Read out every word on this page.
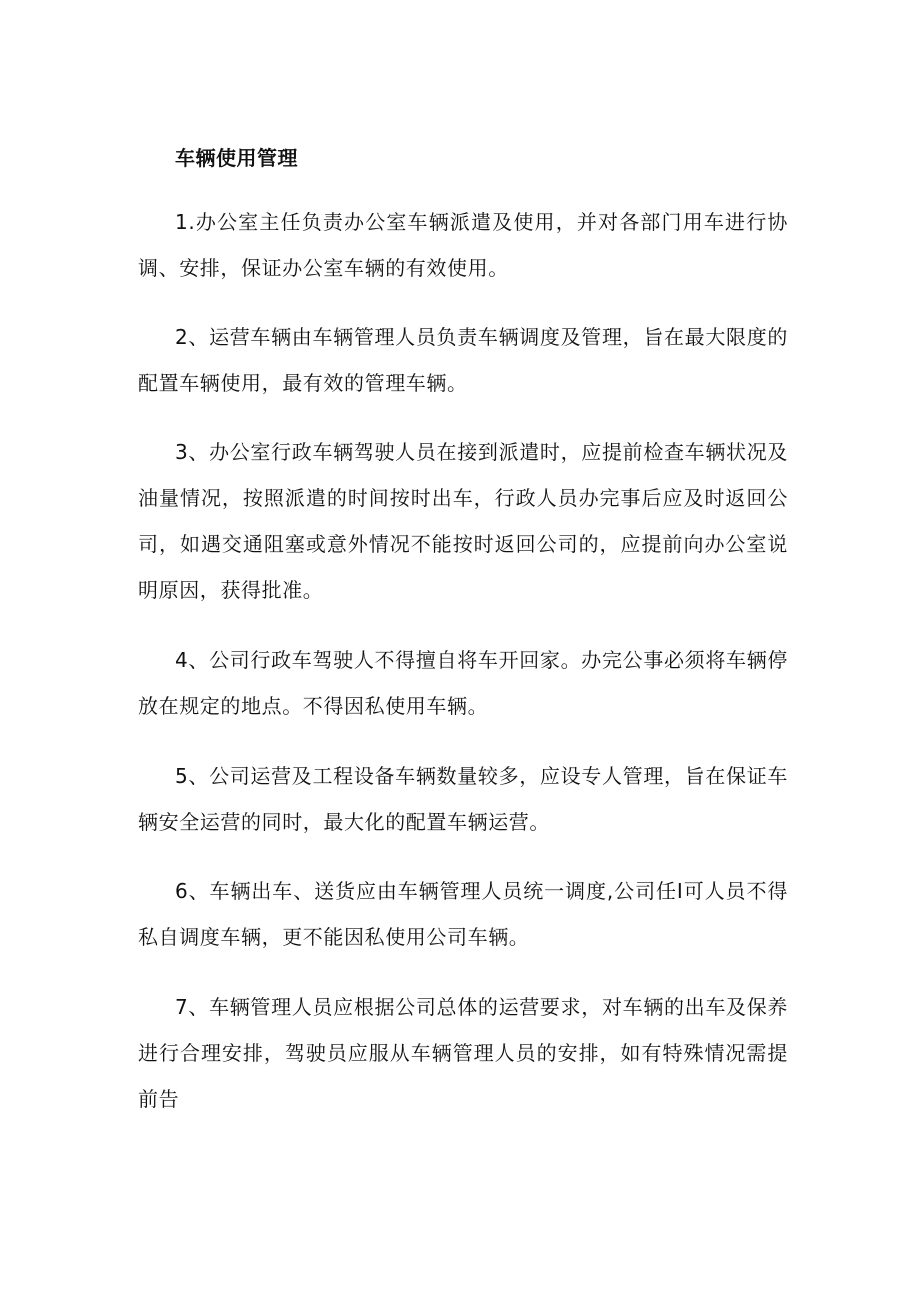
车辆使用管理

1.办公室主任负责办公室车辆派遣及使用，并对各部门用车进行协调、安排，保证办公室车辆的有效使用。

2、运营车辆由车辆管理人员负责车辆调度及管理，旨在最大限度的配置车辆使用，最有效的管理车辆。

3、办公室行政车辆驾驶人员在接到派遣时，应提前检查车辆状况及油量情况，按照派遣的时间按时出车，行政人员办完事后应及时返回公司，如遇交通阻塞或意外情况不能按时返回公司的，应提前向办公室说明原因，获得批准。

4、公司行政车驾驶人不得擅自将车开回家。办完公事必须将车辆停放在规定的地点。不得因私使用车辆。

5、公司运营及工程设备车辆数量较多，应设专人管理，旨在保证车辆安全运营的同时，最大化的配置车辆运营。

6、车辆出车、送货应由车辆管理人员统一调度,公司任I可人员不得私自调度车辆，更不能因私使用公司车辆。

7、车辆管理人员应根据公司总体的运营要求，对车辆的出车及保养进行合理安排，驾驶员应服从车辆管理人员的安排，如有特殊情况需提前告
